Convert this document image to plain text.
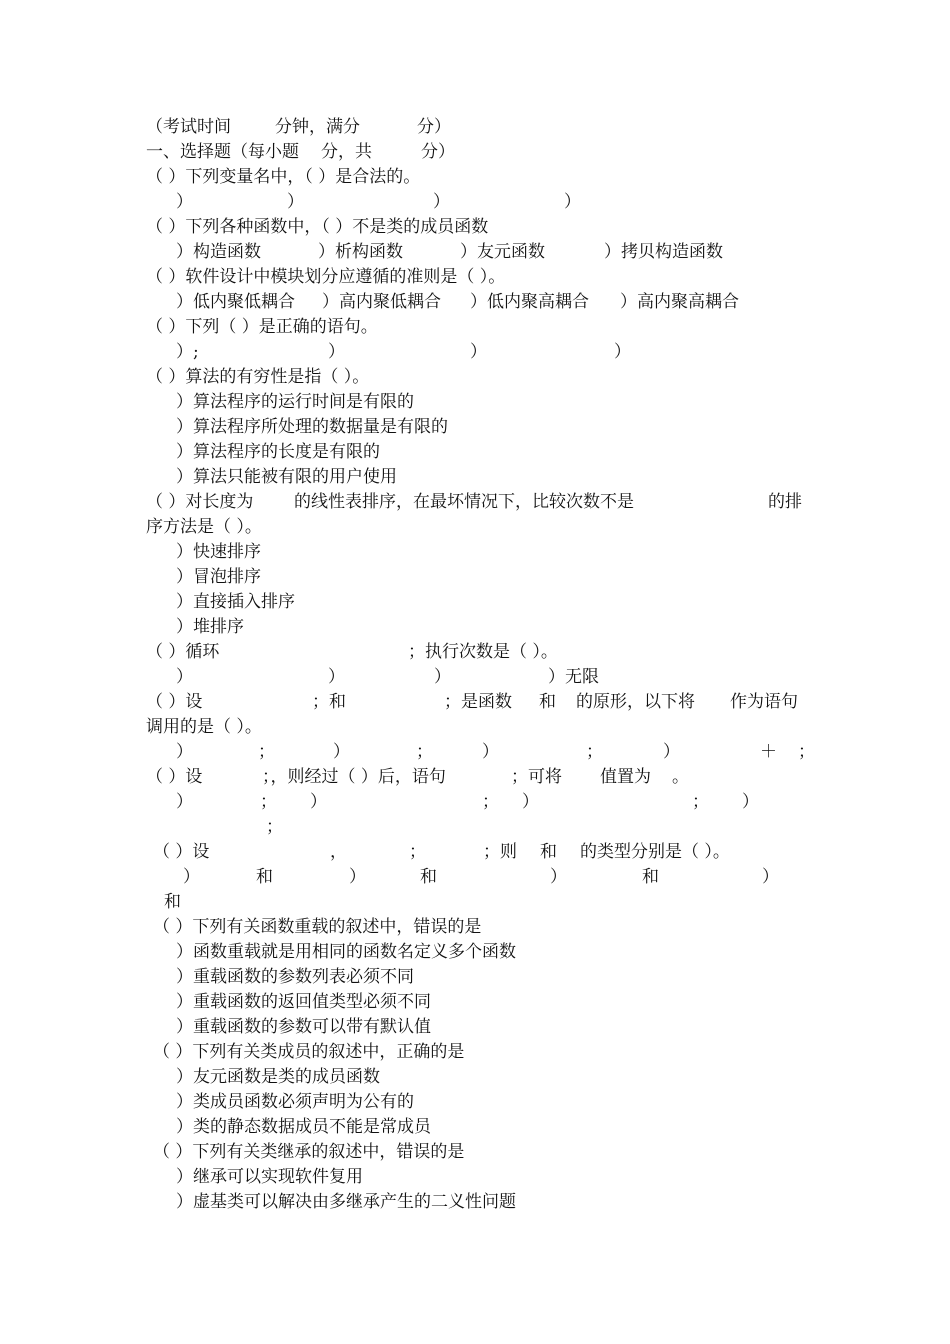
（考试时间	分钟，满分	分）
一、选择题（每小题 分，共	分）
（ ）下列变量名中，（ ）是合法的。
）	）	）	）
（ ）下列各种函数中，（ ）不是类的成员函数
）构造函数	）析构函数	）友元函数	）拷贝构造函数
（ ）软件设计中模块划分应遵循的准则是（ ）。
）低内聚低耦合 ）高内聚低耦合 ）低内聚高耦合 ）高内聚高耦合
（ ）下列（ ）是正确的语句。
）;	）	）	）
（ ）算法的有穷性是指（ ）。
）算法程序的运行时间是有限的
）算法程序所处理的数据量是有限的
）算法程序的长度是有限的
）算法只能被有限的用户使用
（ ）对长度为 的线性表排序，在最坏情况下，比较次数不是	的排
序方法是（ ）。
）快速排序
）冒泡排序
）直接插入排序
）堆排序
（ ）循环	；执行次数是（ ）。
）	）	）	）无限
（ ）设	；和	；是函数 和 的原形，以下将 作为语句
调用的是（ ）。
）	；	）	；	）	；	）	＋ ；
（ ）设	；，则经过（ ）后，语句	；可将 值置为 。
）	； ）	； ）	； ）
；
（ ）设	，	；	；则 和 的类型分别是（ ）。
）	和	）	和	）	和	）
和
（ ）下列有关函数重载的叙述中，错误的是
）函数重载就是用相同的函数名定义多个函数
）重载函数的参数列表必须不同
）重载函数的返回值类型必须不同
）重载函数的参数可以带有默认值
（ ）下列有关类成员的叙述中，正确的是
）友元函数是类的成员函数
）类成员函数必须声明为公有的
）类的静态数据成员不能是常成员
（ ）下列有关类继承的叙述中，错误的是
）继承可以实现软件复用
）虚基类可以解决由多继承产生的二义性问题
